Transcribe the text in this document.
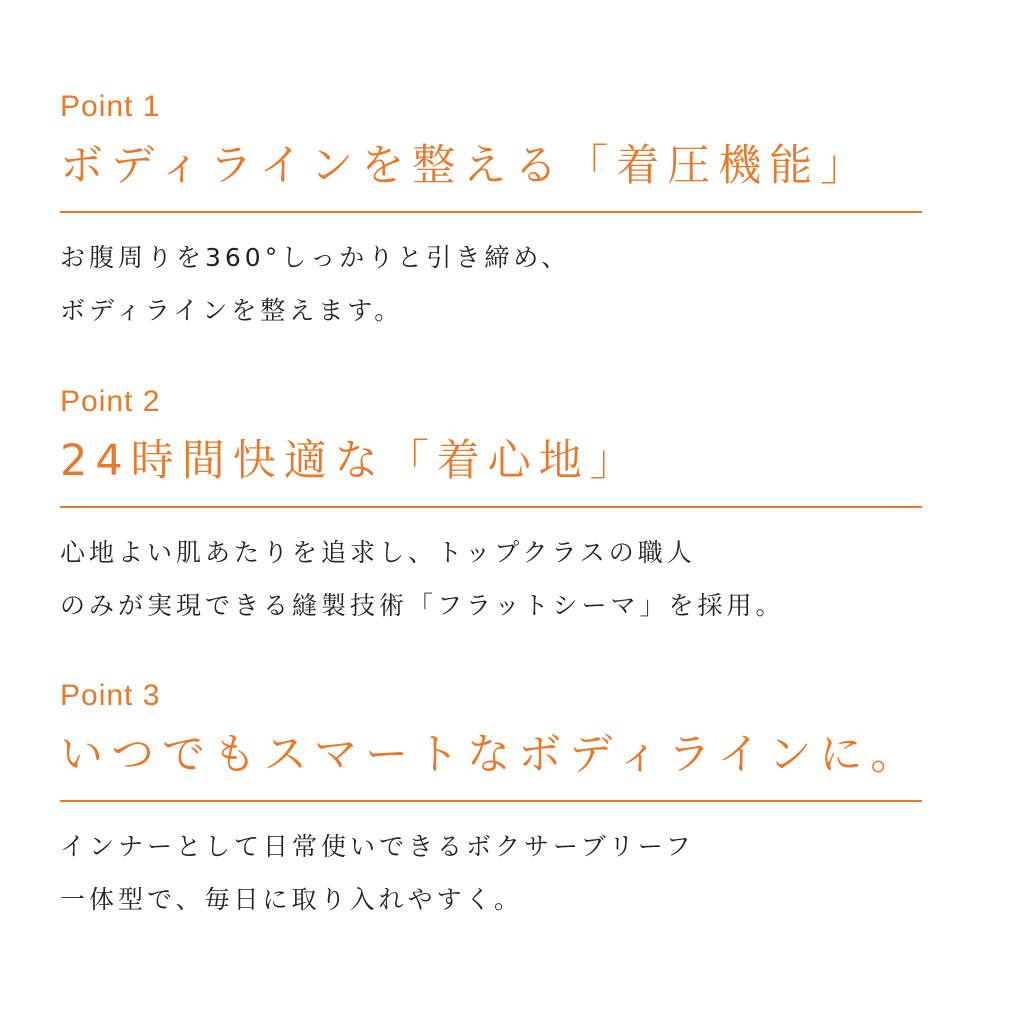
Point 1
ボディラインを整える「着圧機能」
お腹周りを360°しっかりと引き締め、
ボディラインを整えます。
Point 2
24時間快適な「着心地」
心地よい肌あたりを追求し、トップクラスの職人
のみが実現できる縫製技術「フラットシーマ」を採用。
Point 3
いつでもスマートなボディラインに。
インナーとして日常使いできるボクサーブリーフ
一体型で、毎日に取り入れやすく。
